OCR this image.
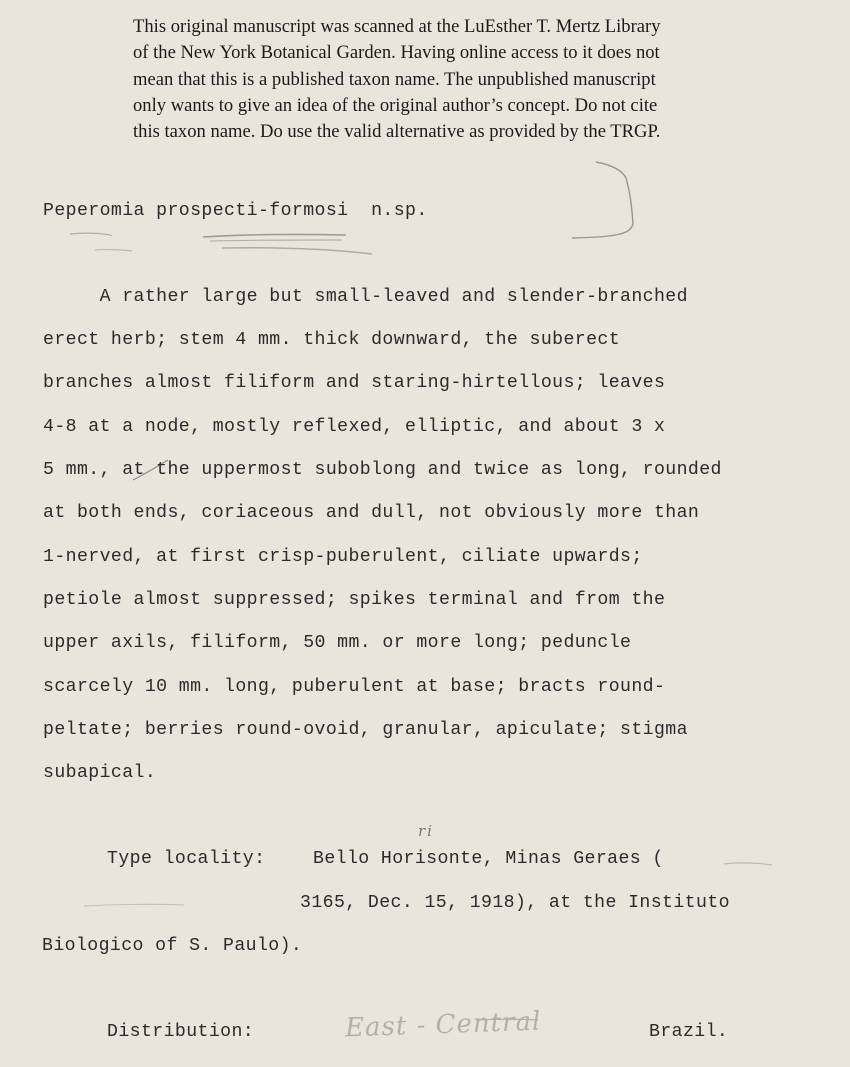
This original manuscript was scanned at the LuEsther T. Mertz Library
of the New York Botanical Garden. Having online access to it does not
mean that this is a published taxon name. The unpublished manuscript
only wants to give an idea of the original author’s concept. Do not cite
this taxon name. Do use the valid alternative as provided by the TRGP.
Peperomia prospecti-formosi  n.sp.
A rather large but small-leaved and slender-branched
erect herb; stem 4 mm. thick downward, the suberect
branches almost filiform and staring-hirtellous; leaves
4-8 at a node, mostly reflexed, elliptic, and about 3 x
5 mm., at the uppermost suboblong and twice as long, rounded
at both ends, coriaceous and dull, not obviously more than
1-nerved, at first crisp-puberulent, ciliate upwards;
petiole almost suppressed; spikes terminal and from the
upper axils, filiform, 50 mm. or more long; peduncle
scarcely 10 mm. long, puberulent at base; bracts round-
peltate; berries round-ovoid, granular, apiculate; stigma
subapical.
ri
Type locality:	Bello Horisonte, Minas Geraes (
3165, Dec. 15, 1918), at the Instituto
Biologico of S. Paulo).
Distribution:	East - Central	Brazil.
